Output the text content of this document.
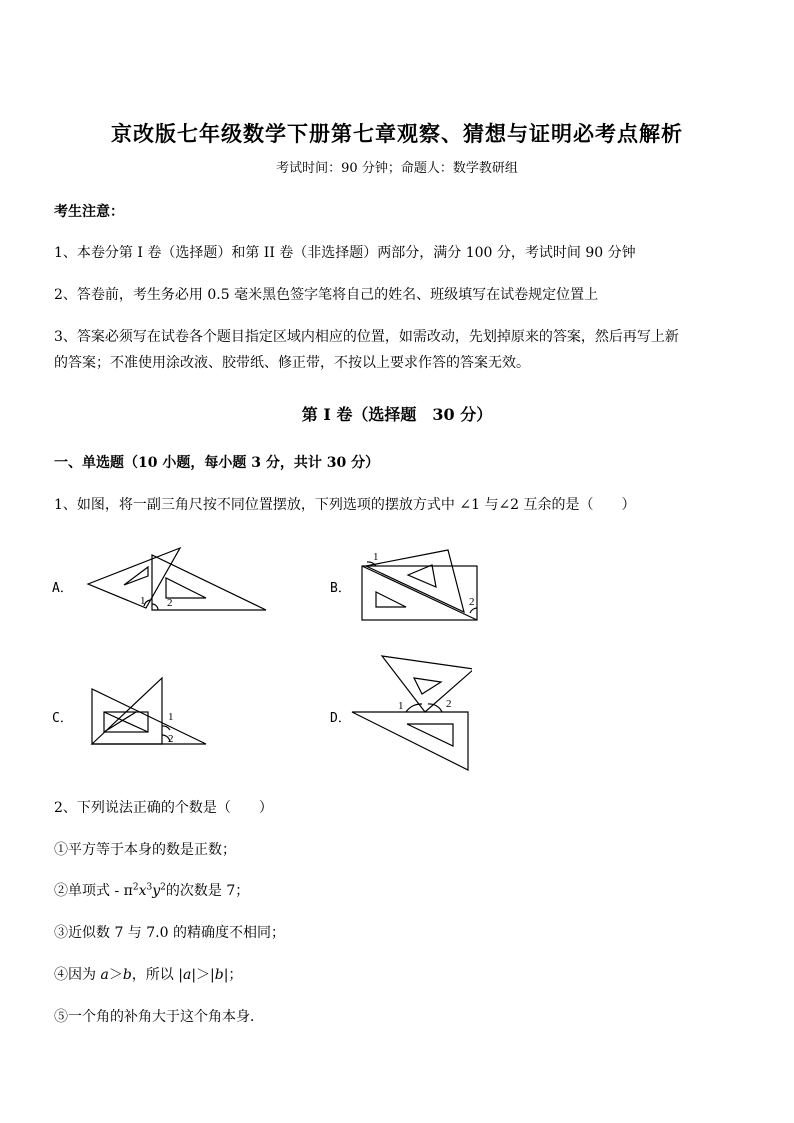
京改版七年级数学下册第七章观察、猜想与证明必考点解析
考试时间：90 分钟；命题人：数学教研组
考生注意：
1、本卷分第 I 卷（选择题）和第 II 卷（非选择题）两部分，满分 100 分，考试时间 90 分钟
2、答卷前，考生务必用 0.5 毫米黑色签字笔将自己的姓名、班级填写在试卷规定位置上
3、答案必须写在试卷各个题目指定区域内相应的位置，如需改动，先划掉原来的答案，然后再写上新
的答案；不准使用涂改液、胶带纸、修正带，不按以上要求作答的答案无效。
第 I 卷（选择题　30 分）
一、单选题（10 小题，每小题 3 分，共计 30 分）
1、如图，将一副三角尺按不同位置摆放，下列选项的摆放方式中 ∠1 与∠2 互余的是（　　）
A．	B．
C．	D．
1 2
1
2
1
2
1	2
2、下列说法正确的个数是（　　）
①平方等于本身的数是正数；
②单项式 - $\pi^2x^3y^2$的次数是 7；
③近似数 7 与 7.0 的精确度不相同；
④因为 a＞b，所以 |a|＞|b|；
⑤一个角的补角大于这个角本身．
